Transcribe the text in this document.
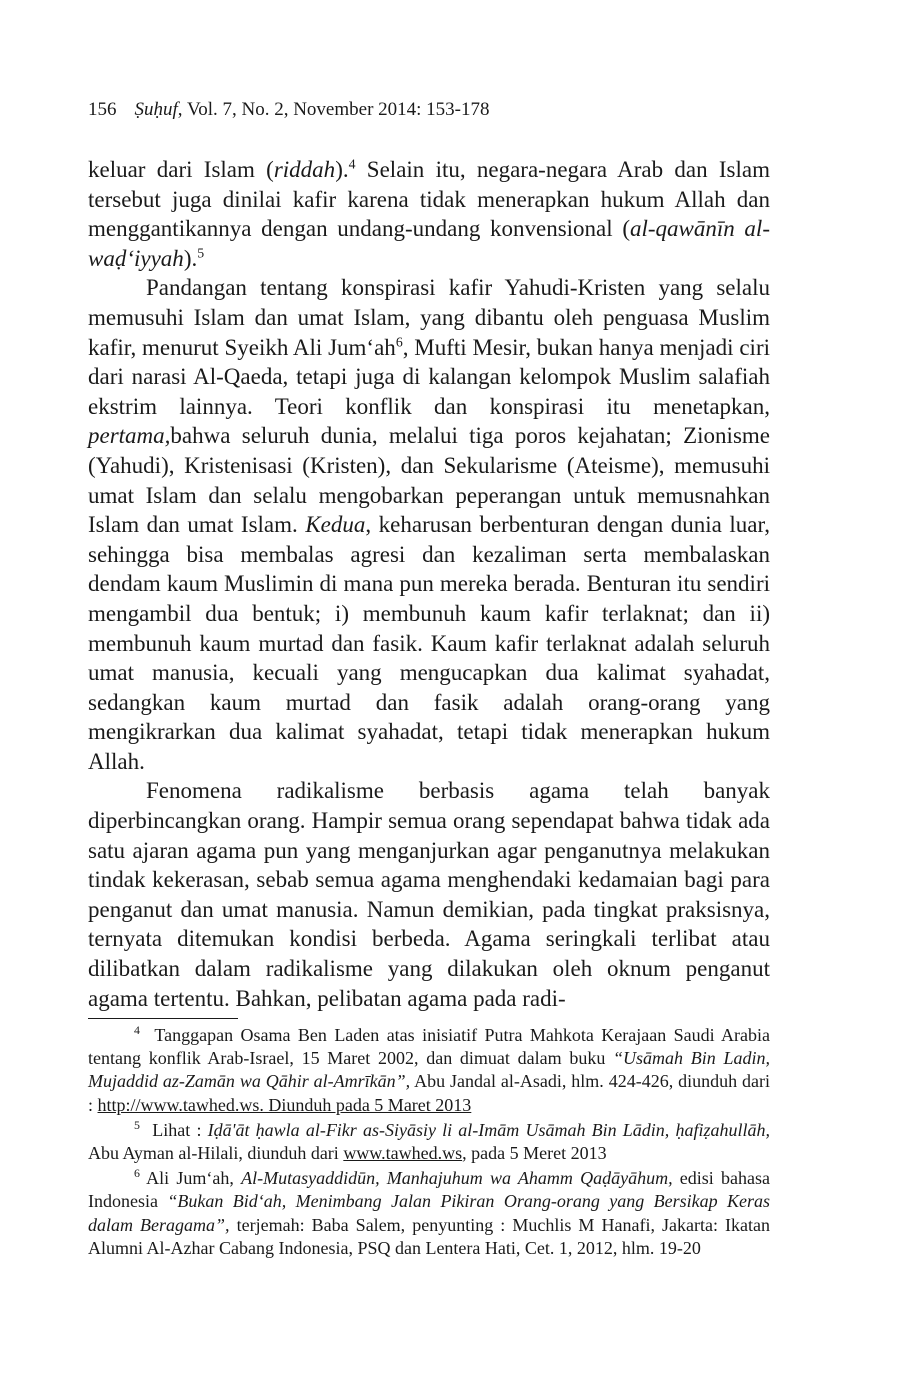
156 Ṣuḥuf, Vol. 7, No. 2, November 2014: 153-178

keluar dari Islam (riddah).$^4$ Selain itu, negara-negara Arab dan Islam tersebut juga dinilai kafir karena tidak menerapkan hukum Allah dan menggantikannya dengan undang-undang konvensional (al-qawānīn al-waḍ‘iyyah).$^5$

Pandangan tentang konspirasi kafir Yahudi-Kristen yang selalu memusuhi Islam dan umat Islam, yang dibantu oleh penguasa Muslim kafir, menurut Syeikh Ali $Jum‘ah^6$, Mufti Mesir, bukan hanya menjadi ciri dari narasi Al-Qaeda, tetapi juga di kalangan kelompok Muslim salafiah ekstrim lainnya. Teori konflik dan konspirasi itu menetapkan, pertama,bahwa seluruh dunia, melalui tiga poros kejahatan; Zionisme (Yahudi), Kristenisasi (Kristen), dan Sekularisme (Ateisme), memusuhi umat Islam dan selalu mengobarkan peperangan untuk memusnahkan Islam dan umat Islam. Kedua, keharusan berbenturan dengan dunia luar, sehingga bisa membalas agresi dan kezaliman serta membalaskan dendam kaum Muslimin di mana pun mereka berada. Benturan itu sendiri mengambil dua bentuk; i) membunuh kaum kafir terlaknat; dan ii) membunuh kaum murtad dan fasik. Kaum kafir terlaknat adalah seluruh umat manusia, kecuali yang mengucapkan dua kalimat syahadat, sedangkan kaum murtad dan fasik adalah orang-orang yang mengikrarkan dua kalimat syahadat, tetapi tidak menerapkan hukum Allah.

Fenomena radikalisme berbasis agama telah banyak diperbincangkan orang. Hampir semua orang sependapat bahwa tidak ada satu ajaran agama pun yang menganjurkan agar penganutnya melakukan tindak kekerasan, sebab semua agama menghendaki kedamaian bagi para penganut dan umat manusia. Namun demikian, pada tingkat praksisnya, ternyata ditemukan kondisi berbeda. Agama seringkali terlibat atau dilibatkan dalam radikalisme yang dilakukan oleh oknum penganut agama tertentu. Bahkan, pelibatan agama pada radi-

$^4$ Tanggapan Osama Ben Laden atas inisiatif Putra Mahkota Kerajaan Saudi Arabia tentang konflik Arab-Israel, 15 Maret 2002, dan dimuat dalam buku “Usāmah Bin Ladin, Mujaddid az-Zamān wa Qāhir al-Amrīkān”, Abu Jandal al-Asadi, hlm. 424-426, diunduh dari : http://www.tawhed.ws. Diunduh pada 5 Maret 2013

$^5$ Lihat : Iḍā'āt ḥawla al-Fikr as-Siyāsiy li al-Imām Usāmah Bin Lādin, ḥafiẓahullāh, Abu Ayman al-Hilali, diunduh dari www.tawhed.ws, pada 5 Meret 2013

$^6$ Ali Jum‘ah, Al-Mutasyaddidūn, Manhajuhum wa Ahamm Qaḍāyāhum, edisi bahasa Indonesia “Bukan Bid‘ah, Menimbang Jalan Pikiran Orang-orang yang Bersikap Keras dalam Beragama”, terjemah: Baba Salem, penyunting : Muchlis M Hanafi, Jakarta: Ikatan Alumni Al-Azhar Cabang Indonesia, PSQ dan Lentera Hati, Cet. 1, 2012, hlm. 19-20
